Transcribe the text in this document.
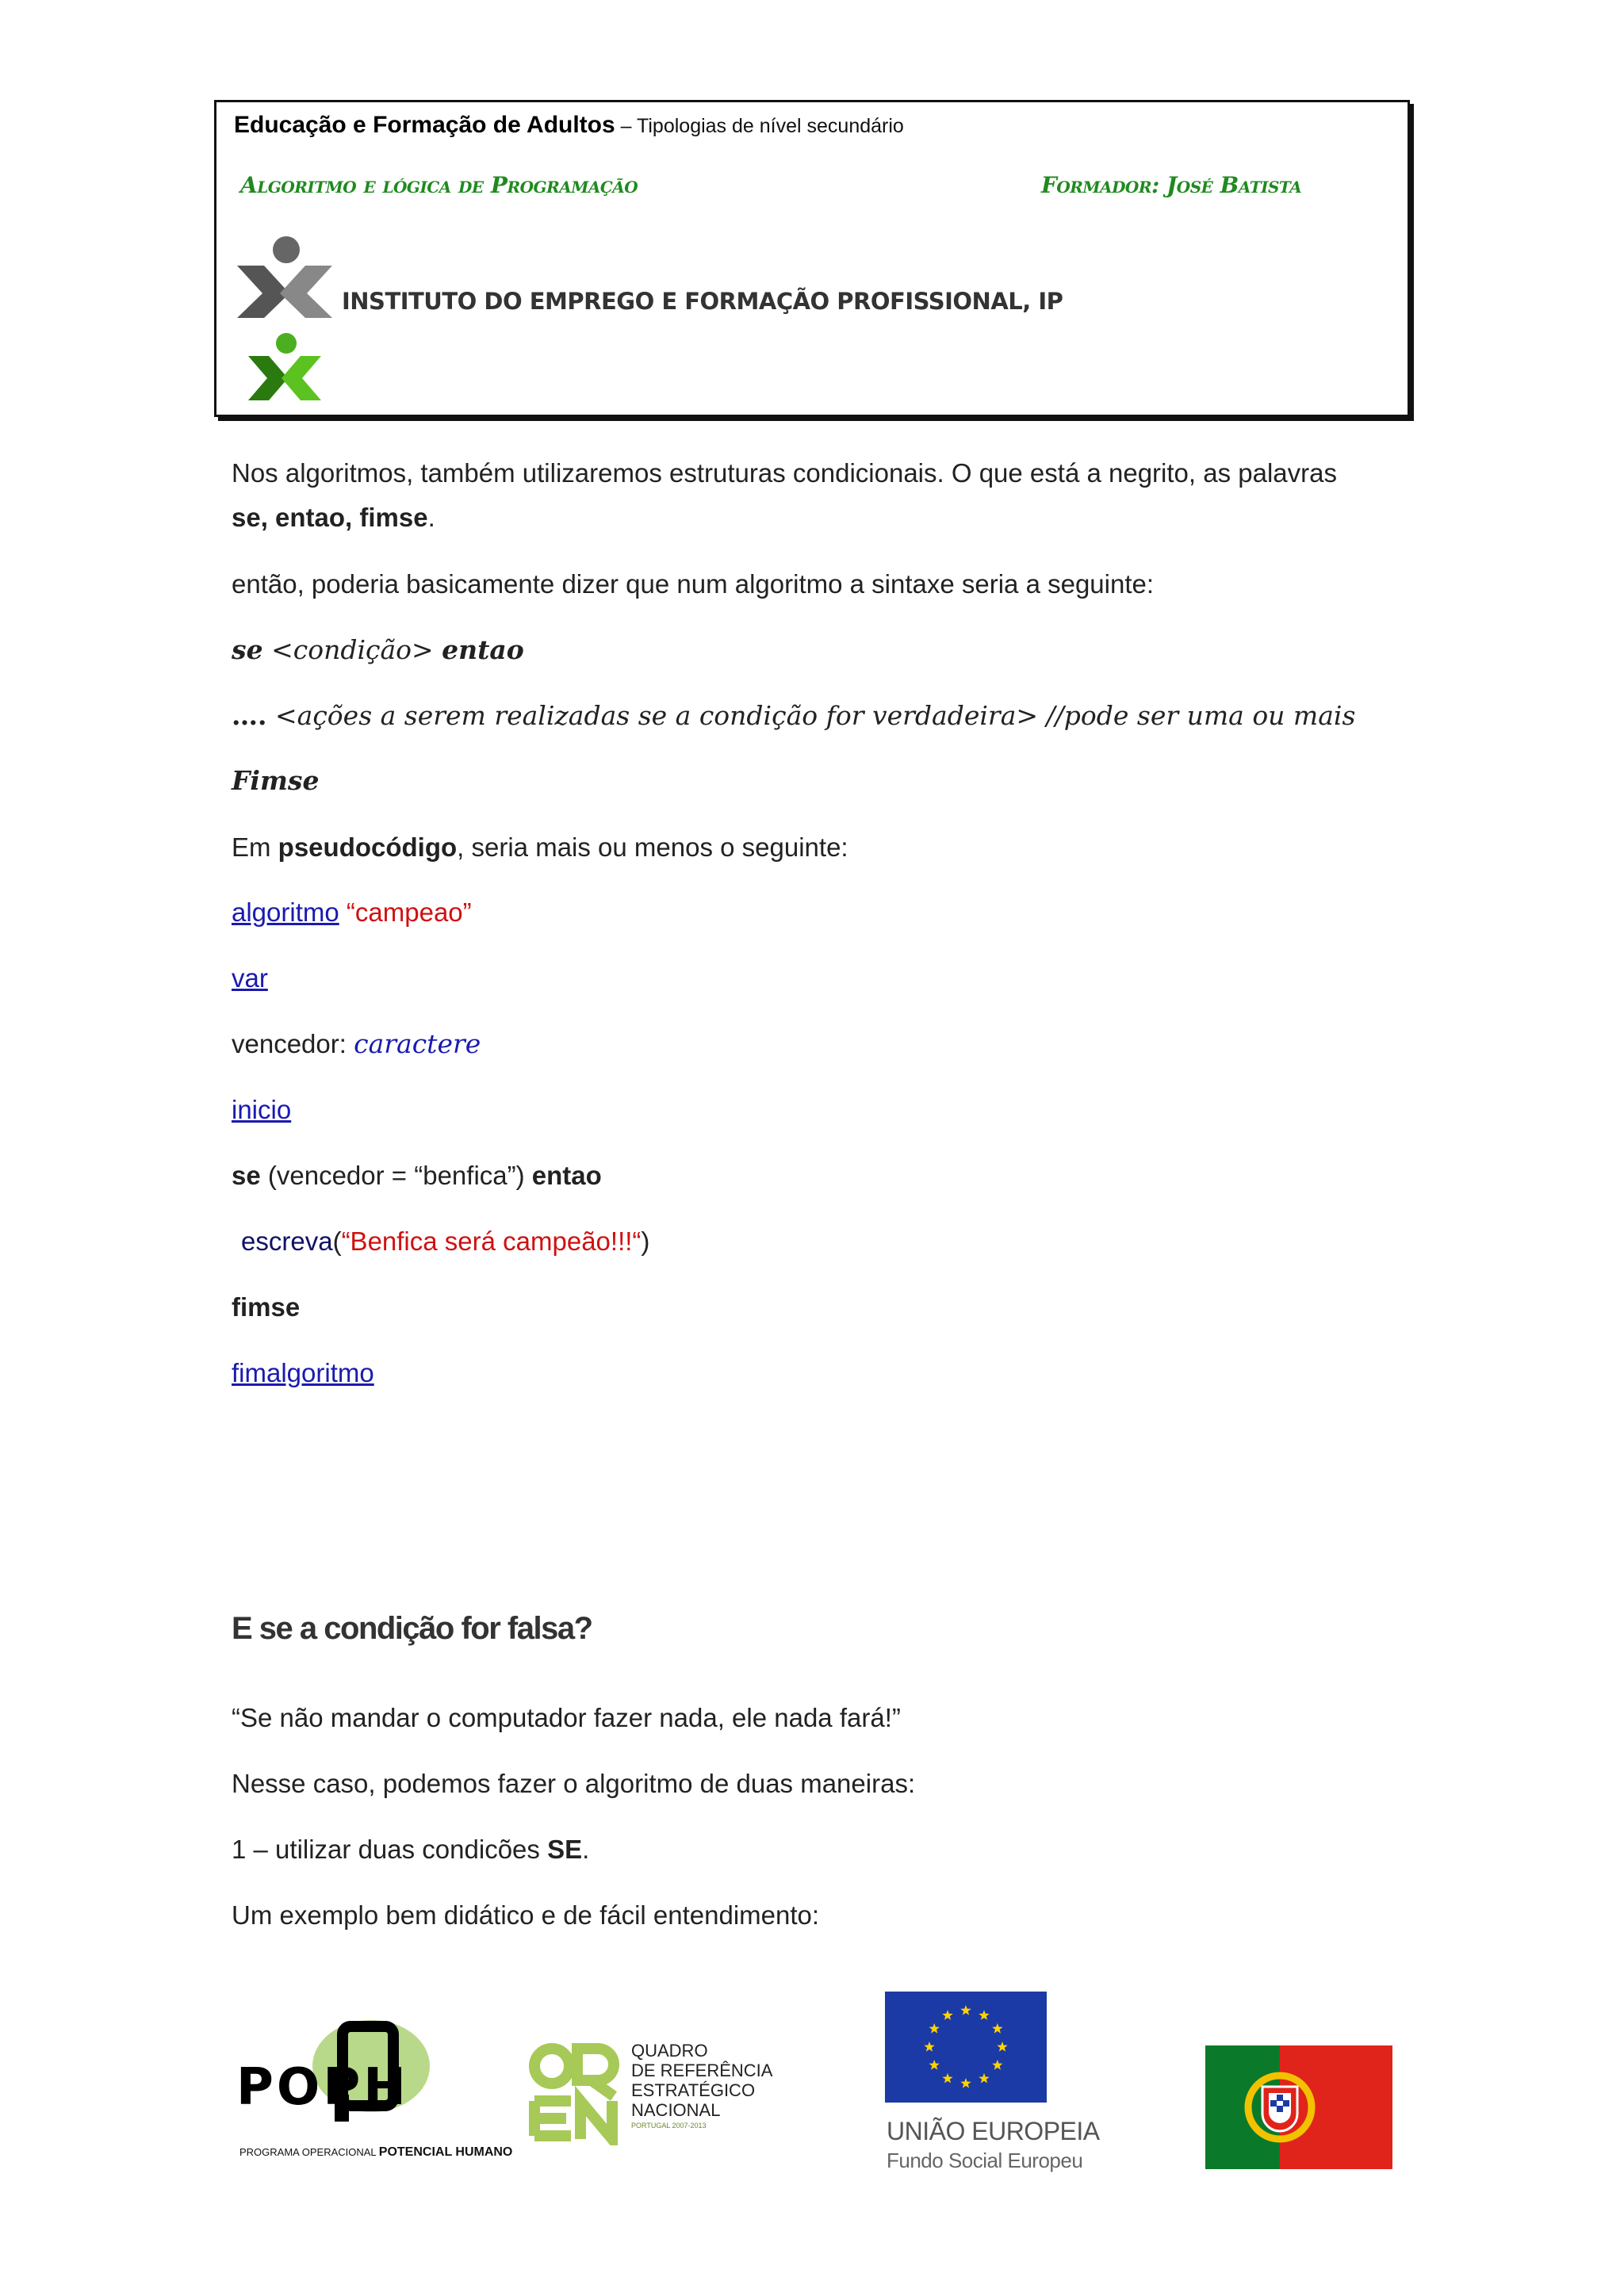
Educação e Formação de Adultos – Tipologias de nível secundário
Algoritmo e lógica de Programação	Formador: José Batista
INSTITUTO DO EMPREGO E FORMAÇÃO PROFISSIONAL, IP
Nos algoritmos, também utilizaremos estruturas condicionais. O que está a negrito, as palavras
se, entao, fimse.
então, poderia basicamente dizer que num algoritmo a sintaxe seria a seguinte:
se <condição> entao
…. <ações a serem realizadas se a condição for verdadeira> //pode ser uma ou mais
Fimse
Em pseudocódigo, seria mais ou menos o seguinte:
algoritmo “campeao”
var
vencedor: caractere
inicio
se (vencedor = “benfica”) entao
escreva(“Benfica será campeão!!!“)
fimse
fimalgoritmo
E se a condição for falsa?
“Se não mandar o computador fazer nada, ele nada fará!”
Nesse caso, podemos fazer o algoritmo de duas maneiras:
1 – utilizar duas condicões SE.
Um exemplo bem didático e de fácil entendimento:
POPH
PROGRAMA OPERACIONAL POTENCIAL HUMANO
QUADRO
DE REFERÊNCIA
ESTRATÉGICO
NACIONAL
PORTUGAL 2007-2013	UNIÃO EUROPEIA
Fundo Social Europeu
